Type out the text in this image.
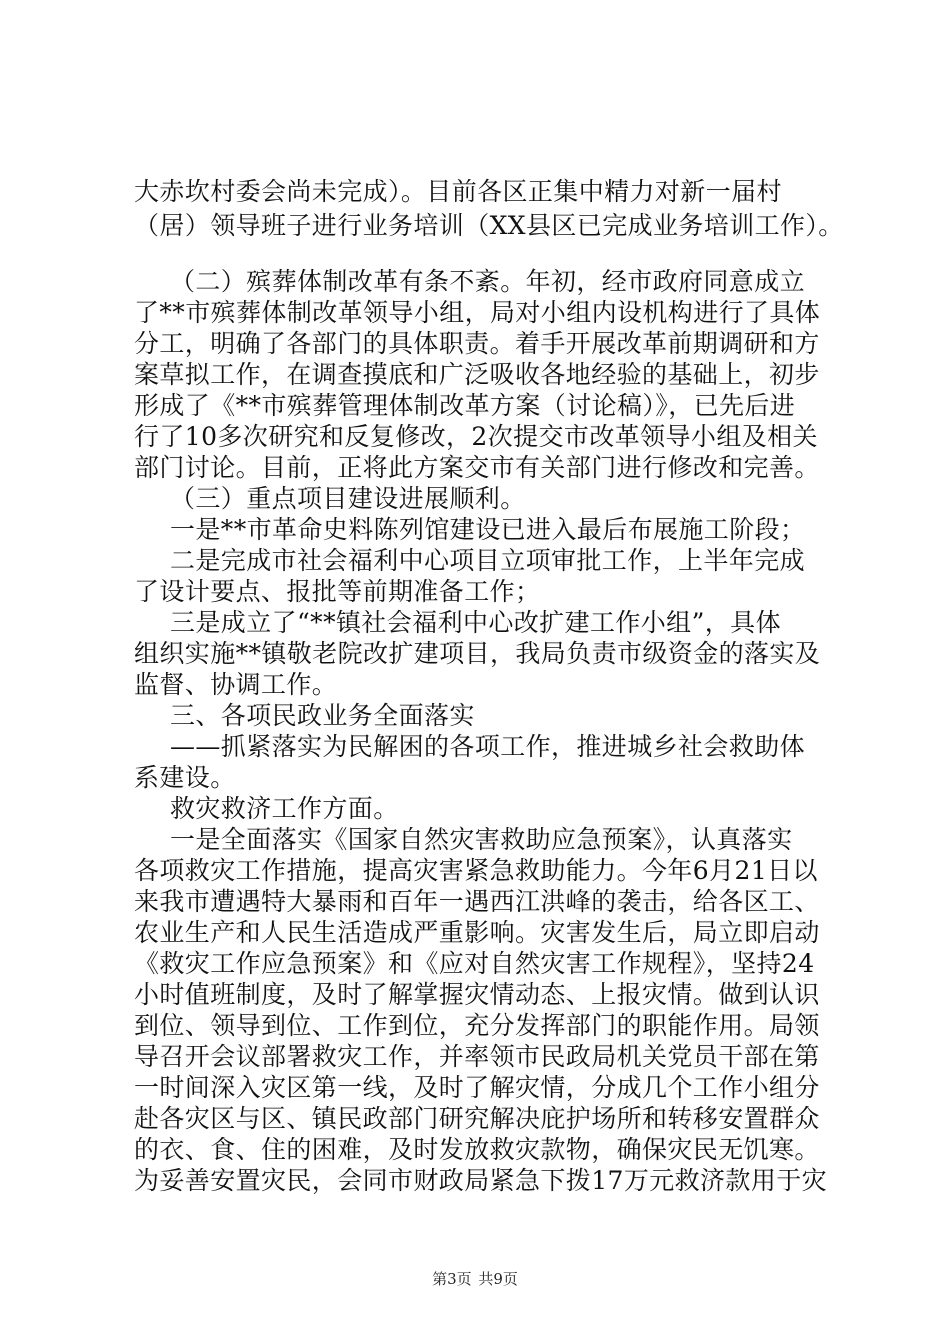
大赤坎村委会尚未完成）。目前各区正集中精力对新一届村
（居）领导班子进行业务培训（XX县区已完成业务培训工作）。
（二）殡葬体制改革有条不紊。年初，经市政府同意成立
了**市殡葬体制改革领导小组，局对小组内设机构进行了具体
分工，明确了各部门的具体职责。着手开展改革前期调研和方
案草拟工作，在调查摸底和广泛吸收各地经验的基础上，初步
形成了《**市殡葬管理体制改革方案（讨论稿）》，已先后进
行了10多次研究和反复修改，2次提交市改革领导小组及相关
部门讨论。目前，正将此方案交市有关部门进行修改和完善。
（三）重点项目建设进展顺利。
一是**市革命史料陈列馆建设已进入最后布展施工阶段；
二是完成市社会福利中心项目立项审批工作，上半年完成
了设计要点、报批等前期准备工作；
三是成立了“**镇社会福利中心改扩建工作小组”，具体
组织实施**镇敬老院改扩建项目，我局负责市级资金的落实及
监督、协调工作。
三、各项民政业务全面落实
——抓紧落实为民解困的各项工作，推进城乡社会救助体
系建设。
救灾救济工作方面。
一是全面落实《国家自然灾害救助应急预案》，认真落实
各项救灾工作措施，提高灾害紧急救助能力。今年6月21日以
来我市遭遇特大暴雨和百年一遇西江洪峰的袭击，给各区工、
农业生产和人民生活造成严重影响。灾害发生后，局立即启动
《救灾工作应急预案》和《应对自然灾害工作规程》，坚持24
小时值班制度，及时了解掌握灾情动态、上报灾情。做到认识
到位、领导到位、工作到位，充分发挥部门的职能作用。局领
导召开会议部署救灾工作，并率领市民政局机关党员干部在第
一时间深入灾区第一线，及时了解灾情，分成几个工作小组分
赴各灾区与区、镇民政部门研究解决庇护场所和转移安置群众
的衣、食、住的困难，及时发放救灾款物，确保灾民无饥寒。
为妥善安置灾民，会同市财政局紧急下拨17万元救济款用于灾
第3页 共9页
